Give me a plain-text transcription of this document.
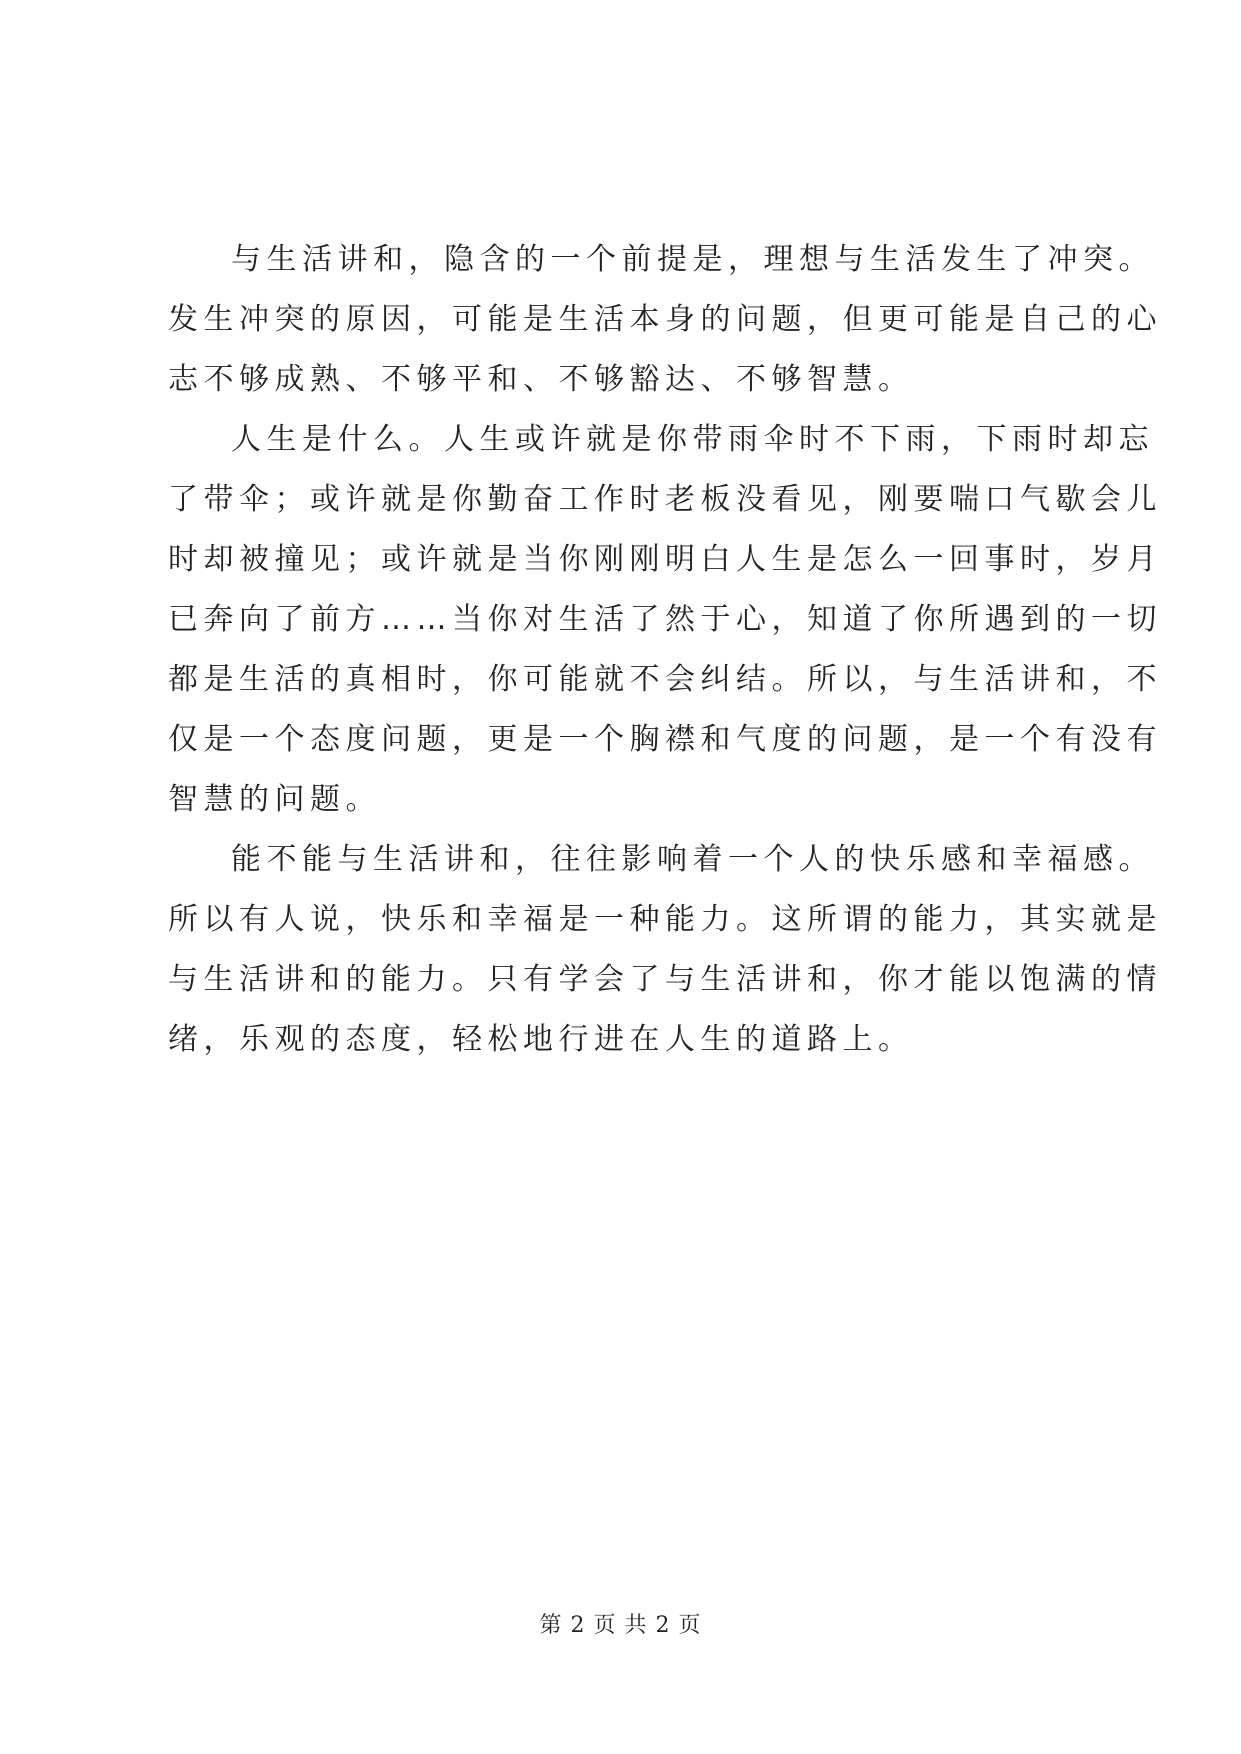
与生活讲和，隐含的一个前提是，理想与生活发生了冲突。
发生冲突的原因，可能是生活本身的问题，但更可能是自己的心
志不够成熟、不够平和、不够豁达、不够智慧。
人生是什么。人生或许就是你带雨伞时不下雨，下雨时却忘
了带伞；或许就是你勤奋工作时老板没看见，刚要喘口气歇会儿
时却被撞见；或许就是当你刚刚明白人生是怎么一回事时，岁月
已奔向了前方……当你对生活了然于心，知道了你所遇到的一切
都是生活的真相时，你可能就不会纠结。所以，与生活讲和，不
仅是一个态度问题，更是一个胸襟和气度的问题，是一个有没有
智慧的问题。
能不能与生活讲和，往往影响着一个人的快乐感和幸福感。
所以有人说，快乐和幸福是一种能力。这所谓的能力，其实就是
与生活讲和的能力。只有学会了与生活讲和，你才能以饱满的情
绪，乐观的态度，轻松地行进在人生的道路上。
第 2 页 共 2 页
